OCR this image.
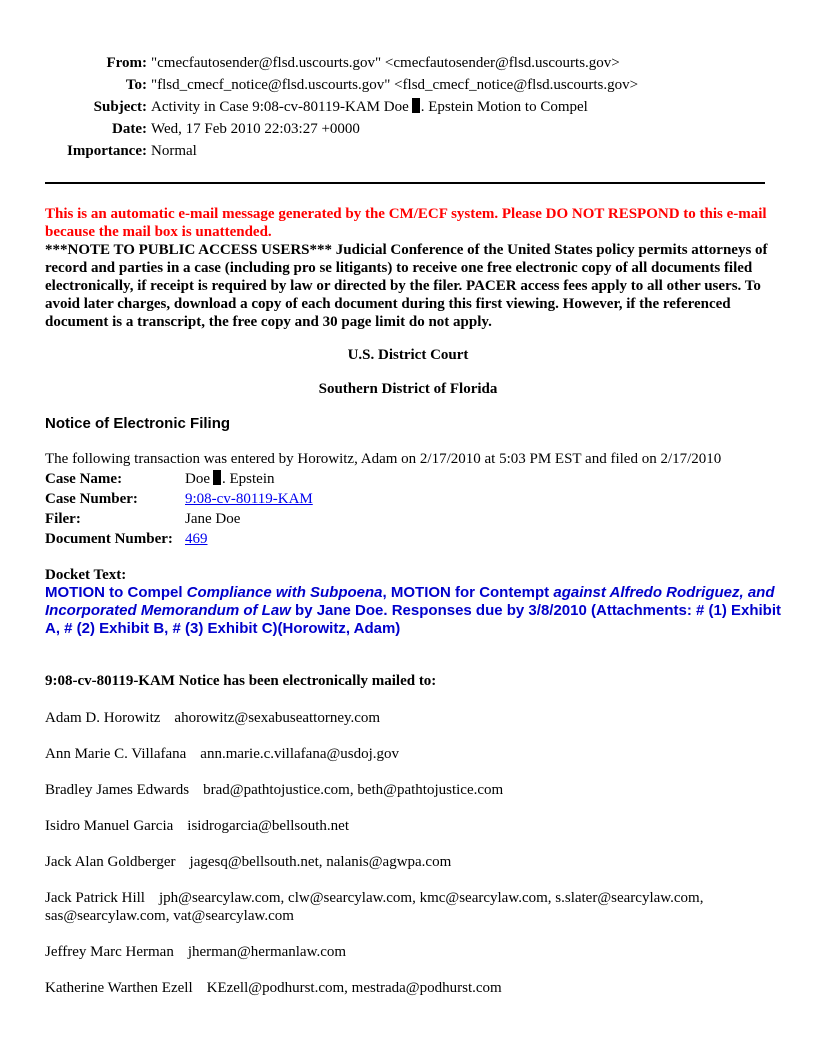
From: "cmecfautosender@flsd.uscourts.gov" <cmecfautosender@flsd.uscourts.gov>
To: "flsd_cmecf_notice@flsd.uscourts.gov" <flsd_cmecf_notice@flsd.uscourts.gov>
Subject: Activity in Case 9:08-cv-80119-KAM Doe . Epstein Motion to Compel
Date: Wed, 17 Feb 2010 22:03:27 +0000
Importance: Normal
This is an automatic e-mail message generated by the CM/ECF system. Please DO NOT RESPOND to this e-mail because the mail box is unattended.
***NOTE TO PUBLIC ACCESS USERS*** Judicial Conference of the United States policy permits attorneys of record and parties in a case (including pro se litigants) to receive one free electronic copy of all documents filed electronically, if receipt is required by law or directed by the filer. PACER access fees apply to all other users. To avoid later charges, download a copy of each document during this first viewing. However, if the referenced document is a transcript, the free copy and 30 page limit do not apply.
U.S. District Court
Southern District of Florida
Notice of Electronic Filing
The following transaction was entered by Horowitz, Adam on 2/17/2010 at 5:03 PM EST and filed on 2/17/2010
Case Name:	Doe . Epstein
Case Number:	9:08-cv-80119-KAM
Filer:	Jane Doe
Document Number: 469
Docket Text:
MOTION to Compel Compliance with Subpoena, MOTION for Contempt against Alfredo Rodriguez, and Incorporated Memorandum of Law by Jane Doe. Responses due by 3/8/2010 (Attachments: # (1) Exhibit A, # (2) Exhibit B, # (3) Exhibit C)(Horowitz, Adam)
9:08-cv-80119-KAM Notice has been electronically mailed to:
Adam D. Horowitz ahorowitz@sexabuseattorney.com
Ann Marie C. Villafana ann.marie.c.villafana@usdoj.gov
Bradley James Edwards brad@pathtojustice.com, beth@pathtojustice.com
Isidro Manuel Garcia isidrogarcia@bellsouth.net
Jack Alan Goldberger jagesq@bellsouth.net, nalanis@agwpa.com
Jack Patrick Hill jph@searcylaw.com, clw@searcylaw.com, kmc@searcylaw.com, s.slater@searcylaw.com, sas@searcylaw.com, vat@searcylaw.com
Jeffrey Marc Herman jherman@hermanlaw.com
Katherine Warthen Ezell KEzell@podhurst.com, mestrada@podhurst.com
